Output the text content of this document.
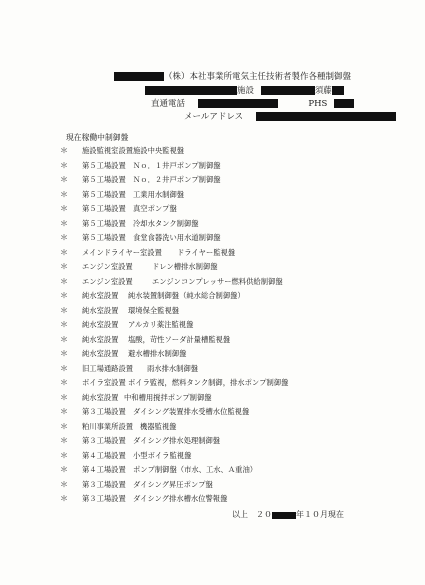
（株）本社事業所電気主任技術者製作各種制御盤
施設	須藤
直通電話	PHS
メールアドレス
現在稼働中制御盤
＊ 施設監視室設置 施設中央監視盤
＊ 第５工場設置 Ｎｏ．１井戸ポンプ制御盤
＊ 第５工場設置 Ｎｏ．２井戸ポンプ制御盤
＊ 第５工場設置 工業用水制御盤
＊ 第５工場設置 真空ポンプ盤
＊ 第５工場設置 冷却水タンク制御盤
＊ 第５工場設置 食堂食器洗い用水道制御盤
＊ メインドライヤー室設置 ドライヤー監視盤
＊ エンジン室設置	ドレン槽排水制御盤
＊ エンジン室設置	エンジンコンプレッサー燃料供給制御盤
＊ 純水室設置 純水装置制御盤（純水総合制御盤）
＊ 純水室設置 環境保全監視盤
＊ 純水室設置 アルカリ薬注監視盤
＊ 純水室設置 塩酸，苛性ソーダ計量槽監視盤
＊ 純水室設置 避水槽排水制御盤
＊ 旧工場通路設置 雨水排水制御盤
＊ ボイラ室設置 ボイラ監視，燃料タンク制御，排水ポンプ制御盤
＊ 純水室設置 中和槽用撹拌ポンプ制御盤
＊ 第３工場設置 ダイシング装置排水受槽水位監視盤
＊ 粕川事業所設置 機器監視盤
＊ 第３工場設置 ダイシング排水処理制御盤
＊ 第４工場設置 小型ボイラ監視盤
＊ 第４工場設置 ポンプ制御盤（市水、工水、Ａ重油）
＊ 第３工場設置 ダイシング昇圧ポンプ盤
＊ 第３工場設置 ダイシング排水槽水位警報盤
以上　２０	年１０月現在
